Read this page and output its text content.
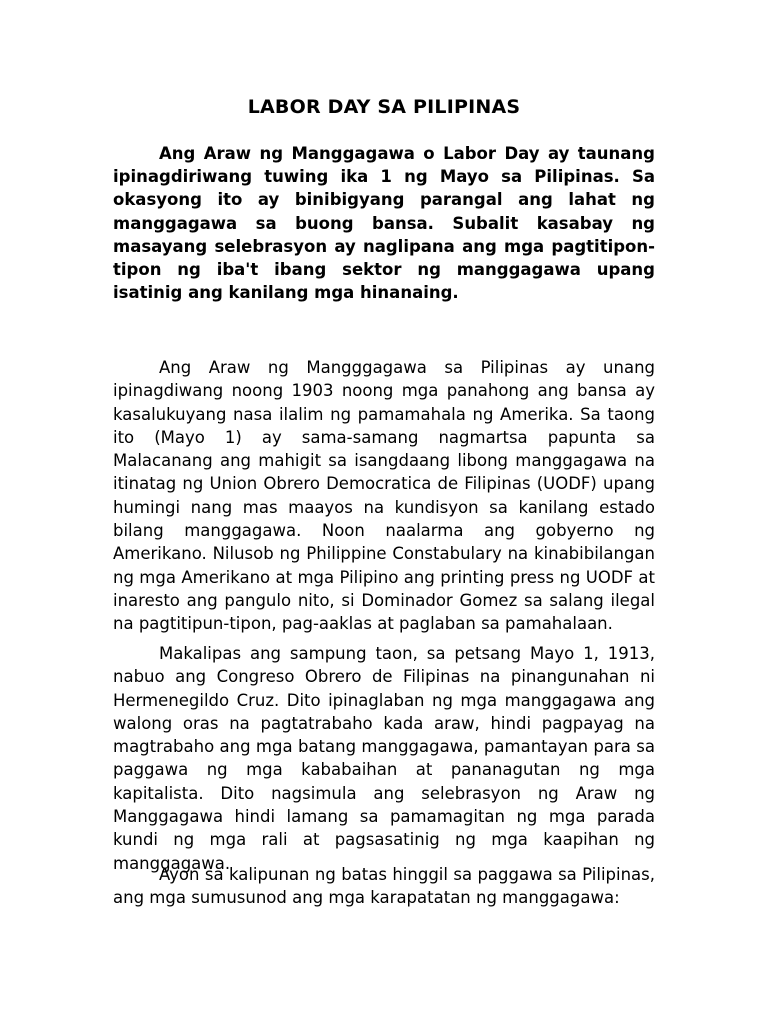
LABOR DAY SA PILIPINAS

Ang Araw ng Manggagawa o Labor Day ay taunang ipinagdiriwang tuwing ika 1 ng Mayo sa Pilipinas. Sa okasyong ito ay binibigyang parangal ang lahat ng manggagawa sa buong bansa. Subalit kasabay ng masayang selebrasyon ay naglipana ang mga pagtitipon-tipon ng iba't ibang sektor ng manggagawa upang isatinig ang kanilang mga hinanaing.

Ang Araw ng Mangggagawa sa Pilipinas ay unang ipinagdiwang noong 1903 noong mga panahong ang bansa ay kasalukuyang nasa ilalim ng pamamahala ng Amerika. Sa taong ito (Mayo 1) ay sama-samang nagmartsa papunta sa Malacanang ang mahigit sa isangdaang libong manggagawa na itinatag ng Union Obrero Democratica de Filipinas (UODF) upang humingi nang mas maayos na kundisyon sa kanilang estado bilang manggagawa. Noon naalarma ang gobyerno ng Amerikano. Nilusob ng Philippine Constabulary na kinabibilangan ng mga Amerikano at mga Pilipino ang printing press ng UODF at inaresto ang pangulo nito, si Dominador Gomez sa salang ilegal na pagtitipun-tipon, pag-aaklas at paglaban sa pamahalaan.

Makalipas ang sampung taon, sa petsang Mayo 1, 1913, nabuo ang Congreso Obrero de Filipinas na pinangunahan ni Hermenegildo Cruz. Dito ipinaglaban ng mga manggagawa ang walong oras na pagtatrabaho kada araw, hindi pagpayag na magtrabaho ang mga batang manggagawa, pamantayan para sa paggawa ng mga kababaihan at pananagutan ng mga kapitalista. Dito nagsimula ang selebrasyon ng Araw ng Manggagawa hindi lamang sa pamamagitan ng mga parada kundi ng mga rali at pagsasatinig ng mga kaapihan ng manggagawa.

Ayon sa kalipunan ng batas hinggil sa paggawa sa Pilipinas, ang mga sumusunod ang mga karapatatan ng manggagawa:
